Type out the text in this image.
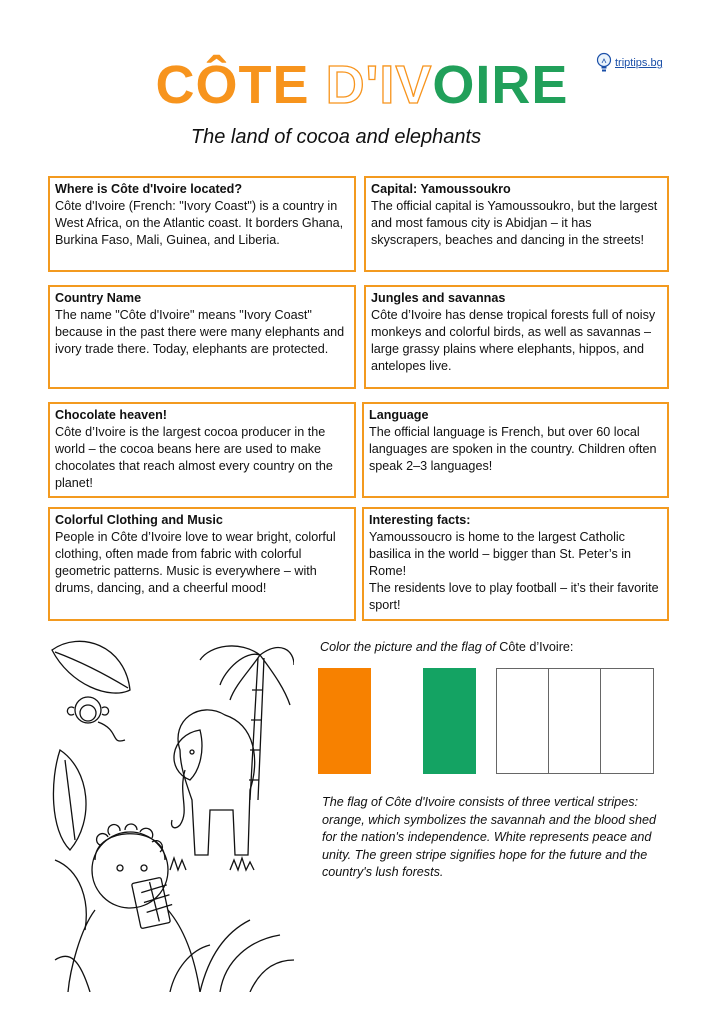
triptips.bg
CÔTE D'IVOIRE
The land of cocoa and elephants
Where is Côte d'Ivoire located?

Côte d'Ivoire (French: "Ivory Coast") is a country in West Africa, on the Atlantic coast. It borders Ghana, Burkina Faso, Mali, Guinea, and Liberia.

Capital: Yamoussoukro

The official capital is Yamoussoukro, but the largest and most famous city is Abidjan – it has skyscrapers, beaches and dancing in the streets!

Country Name

The name "Côte d'Ivoire" means "Ivory Coast" because in the past there were many elephants and ivory trade there. Today, elephants are protected.

Jungles and savannas

Côte d’Ivoire has dense tropical forests full of noisy monkeys and colorful birds, as well as savannas – large grassy plains where elephants, hippos, and antelopes live.

Chocolate heaven!

Côte d’Ivoire is the largest cocoa producer in the world – the cocoa beans here are used to make chocolates that reach almost every country on the planet!

Language

The official language is French, but over 60 local languages are spoken in the country. Children often speak 2–3 languages!

Colorful Clothing and Music

People in Côte d’Ivoire love to wear bright, colorful clothing, often made from fabric with colorful geometric patterns. Music is everywhere – with drums, dancing, and a cheerful mood!

Interesting facts:

Yamoussoucro is home to the largest Catholic basilica in the world – bigger than St. Peter’s in Rome!

The residents love to play football – it’s their favorite sport!

Color the picture and the flag of Côte d’Ivoire:
The flag of Côte d'Ivoire consists of three vertical stripes: orange, which symbolizes the savannah and the blood shed for the nation's independence. White represents peace and unity. The green stripe signifies hope for the future and the country's lush forests.
